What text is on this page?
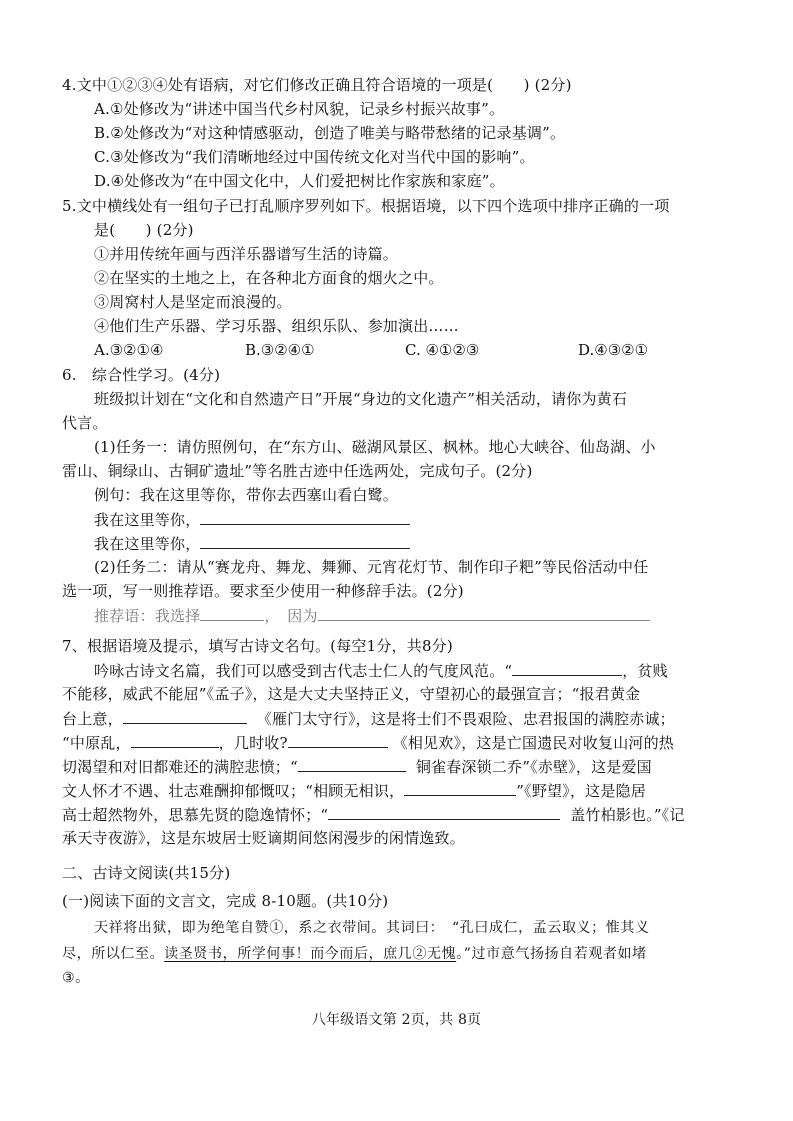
4.文中①②③④处有语病，对它们修改正确且符合语境的一项是(　　) (2分)
A.①处修改为“讲述中国当代乡村风貌，记录乡村振兴故事”。
B.②处修改为“对这种情感驱动，创造了唯美与略带愁绪的记录基调”。
C.③处修改为“我们清晰地经过中国传统文化对当代中国的影响”。
D.④处修改为“在中国文化中，人们爱把树比作家族和家庭”。
5.文中横线处有一组句子已打乱顺序罗列如下。根据语境，以下四个选项中排序正确的一项
是(　　) (2分)
①并用传统年画与西洋乐器谱写生活的诗篇。
②在坚实的土地之上，在各种北方面食的烟火之中。
③周窝村人是坚定而浪漫的。
④他们生产乐器、学习乐器、组织乐队、参加演出……
A.③②①④	B.③②④①	C. ④①②③	D.④③②①
6.　综合性学习。(4分)
班级拟计划在“文化和自然遗产日”开展“身边的文化遗产”相关活动，请你为黄石
代言。
(1)任务一：请仿照例句，在“东方山、磁湖风景区、枫林。地心大峡谷、仙岛湖、小
雷山、铜绿山、古铜矿遗址”等名胜古迹中任选两处，完成句子。(2分)
例句：我在这里等你，带你去西塞山看白鹭。
我在这里等你，
我在这里等你，
(2)任务二：请从“赛龙舟、舞龙、舞狮、元宵花灯节、制作印子粑”等民俗活动中任
选一项，写一则推荐语。要求至少使用一种修辞手法。(2分)
推荐语：我选择	，　因为
7、根据语境及提示，填写古诗文名句。(每空1分，共8分)
吟咏古诗文名篇，我们可以感受到古代志士仁人的气度风范。“	，贫贱
不能移，威武不能屈”《孟子》，这是大丈夫坚持正义，守望初心的最强宣言；“报君黄金
台上意，	《雁门太守行》，这是将士们不畏艰险、忠君报国的满腔赤诚；
“中原乱，	，几时收?	《相见欢》，这是亡国遗民对收复山河的热
切渴望和对旧都难还的满腔悲愤；“	铜雀春深锁二乔”《赤壁》，这是爱国
文人怀才不遇、壮志难酬抑郁慨叹；“相顾无相识，	”《野望》，这是隐居
高士超然物外，思慕先贤的隐逸情怀；“	盖竹柏影也。”《记
承天寺夜游》，这是东坡居士贬谪期间悠闲漫步的闲情逸致。
二、古诗文阅读(共15分)
(一)阅读下面的文言文，完成 8-10题。(共10分)
天祥将出狱，即为绝笔自赞①，系之衣带间。其词曰：　“孔曰成仁，孟云取义；惟其义
尽，所以仁至。读圣贤书，所学何事！而今而后，庶几②无愧。”过市意气扬扬自若观者如堵
③。
八年级语文第 2页，共 8页
